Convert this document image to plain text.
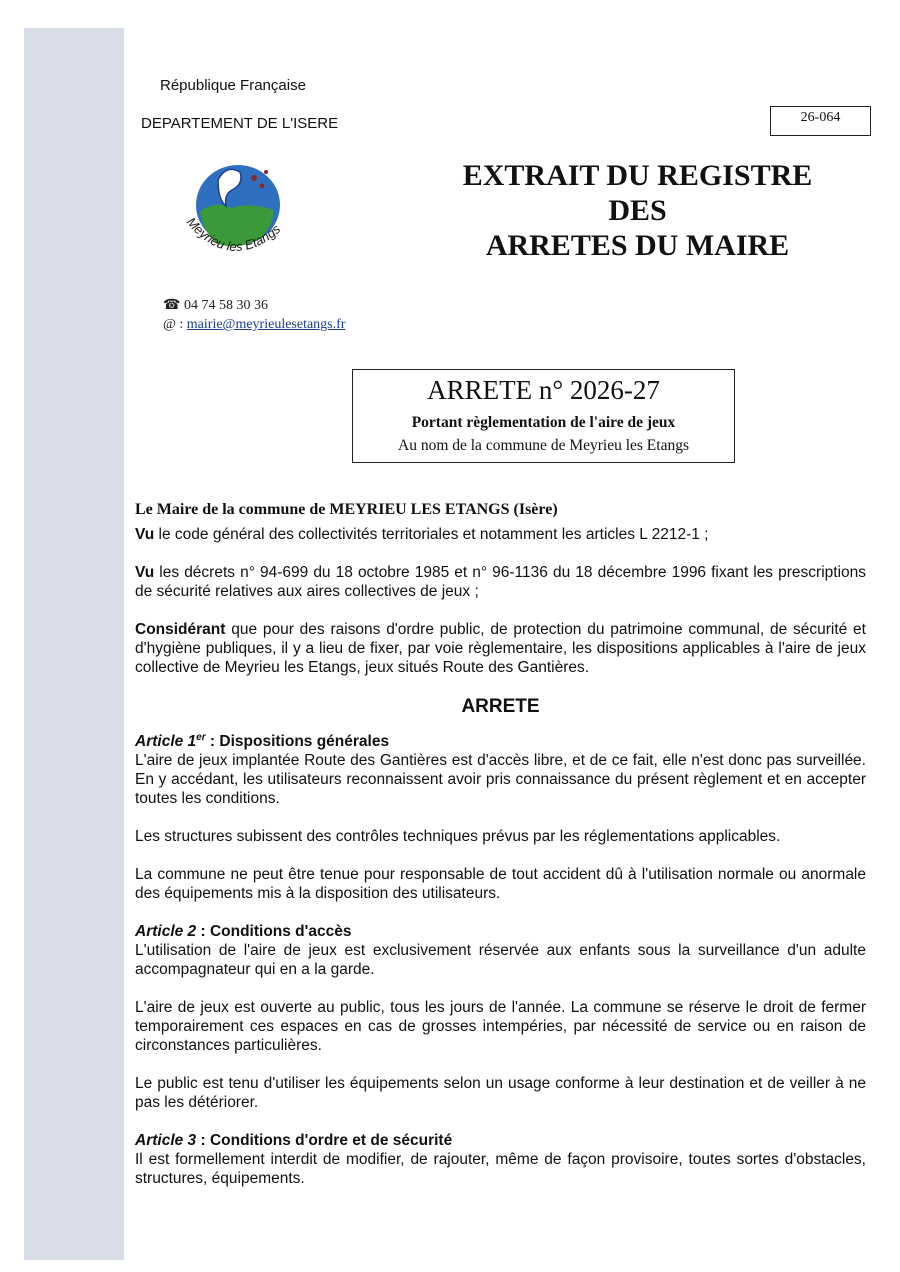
République Française
DEPARTEMENT DE L'ISERE	26-064
EXTRAIT DU REGISTRE
DES
ARRETES DU MAIRE
Meyrieu les Etangs
☎ 04 74 58 30 36
@ : mairie@meyrieulesetangs.fr
ARRETE n° 2026-27
Portant règlementation de l'aire de jeux
Au nom de la commune de Meyrieu les Etangs
Le Maire de la commune de MEYRIEU LES ETANGS (Isère)

Vu le code général des collectivités territoriales et notamment les articles L 2212-1 ;

Vu les décrets n° 94-699 du 18 octobre 1985 et n° 96-1136 du 18 décembre 1996 fixant les prescriptions de sécurité relatives aux aires collectives de jeux ;

Considérant que pour des raisons d'ordre public, de protection du patrimoine communal, de sécurité et d'hygiène publiques, il y a lieu de fixer, par voie règlementaire, les dispositions applicables à l'aire de jeux collective de Meyrieu les Etangs, jeux situés Route des Gantières.

ARRETE
Article 1er : Dispositions générales

L'aire de jeux implantée Route des Gantières est d'accès libre, et de ce fait, elle n'est donc pas surveillée. En y accédant, les utilisateurs reconnaissent avoir pris connaissance du présent règlement et en accepter toutes les conditions.

Les structures subissent des contrôles techniques prévus par les réglementations applicables.

La commune ne peut être tenue pour responsable de tout accident dû à l'utilisation normale ou anormale des équipements mis à la disposition des utilisateurs.

Article 2 : Conditions d'accès

L'utilisation de l'aire de jeux est exclusivement réservée aux enfants sous la surveillance d'un adulte accompagnateur qui en a la garde.

L'aire de jeux est ouverte au public, tous les jours de l'année. La commune se réserve le droit de fermer temporairement ces espaces en cas de grosses intempéries, par nécessité de service ou en raison de circonstances particulières.

Le public est tenu d'utiliser les équipements selon un usage conforme à leur destination et de veiller à ne pas les détériorer.

Article 3 : Conditions d'ordre et de sécurité

Il est formellement interdit de modifier, de rajouter, même de façon provisoire, toutes sortes d'obstacles, structures, équipements.
